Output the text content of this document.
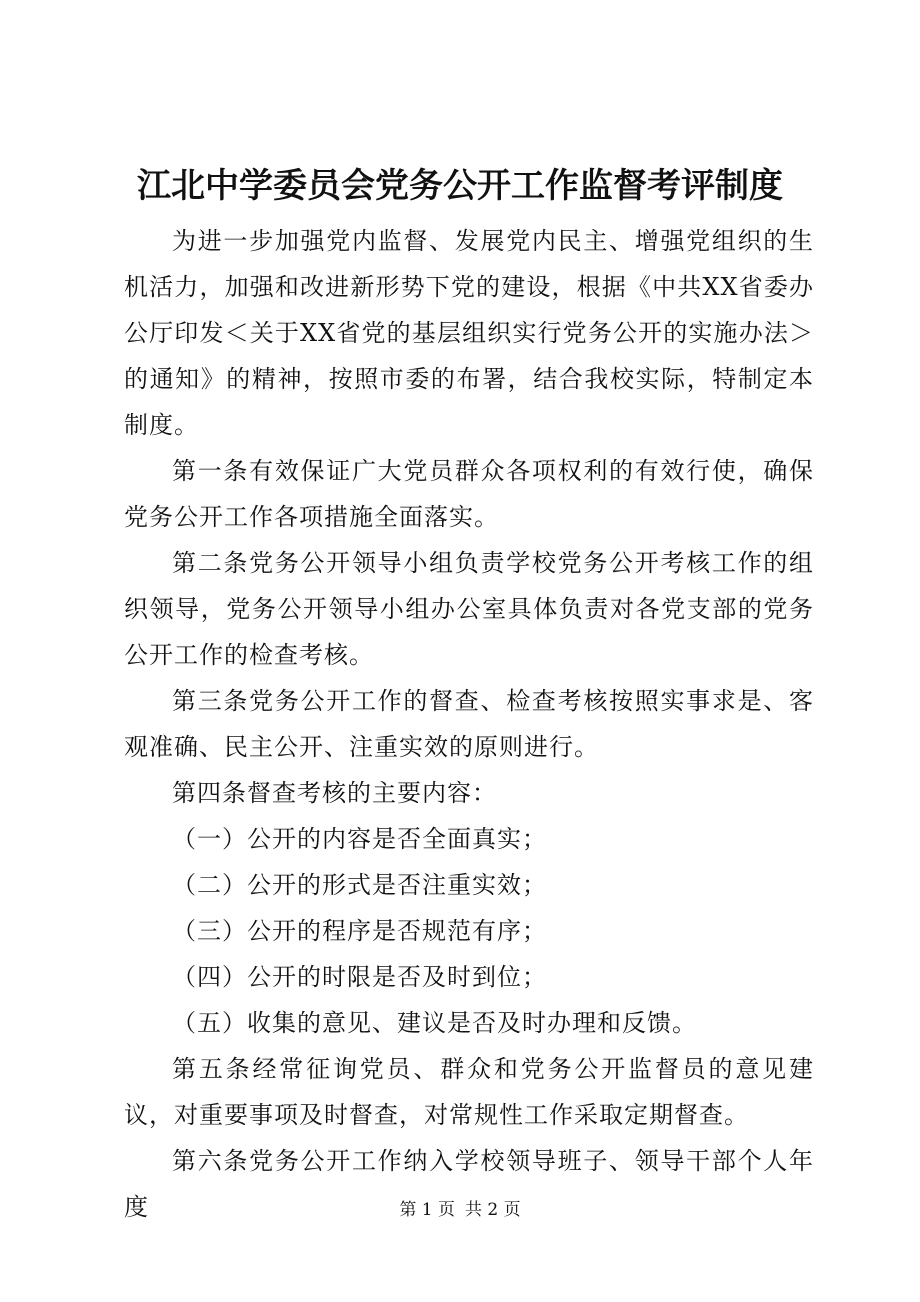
江北中学委员会党务公开工作监督考评制度

为进一步加强党内监督、发展党内民主、增强党组织的生机活力，加强和改进新形势下党的建设，根据《中共XX省委办公厅印发＜关于XX省党的基层组织实行党务公开的实施办法＞的通知》的精神，按照市委的布署，结合我校实际，特制定本制度。

第一条有效保证广大党员群众各项权利的有效行使，确保党务公开工作各项措施全面落实。

第二条党务公开领导小组负责学校党务公开考核工作的组织领导，党务公开领导小组办公室具体负责对各党支部的党务公开工作的检查考核。

第三条党务公开工作的督查、检查考核按照实事求是、客观准确、民主公开、注重实效的原则进行。

第四条督查考核的主要内容：

（一）公开的内容是否全面真实；

（二）公开的形式是否注重实效；

（三）公开的程序是否规范有序；

（四）公开的时限是否及时到位；

（五）收集的意见、建议是否及时办理和反馈。

第五条经常征询党员、群众和党务公开监督员的意见建议，对重要事项及时督查，对常规性工作采取定期督查。

第六条党务公开工作纳入学校领导班子、领导干部个人年度	第 1 页 共 2 页
